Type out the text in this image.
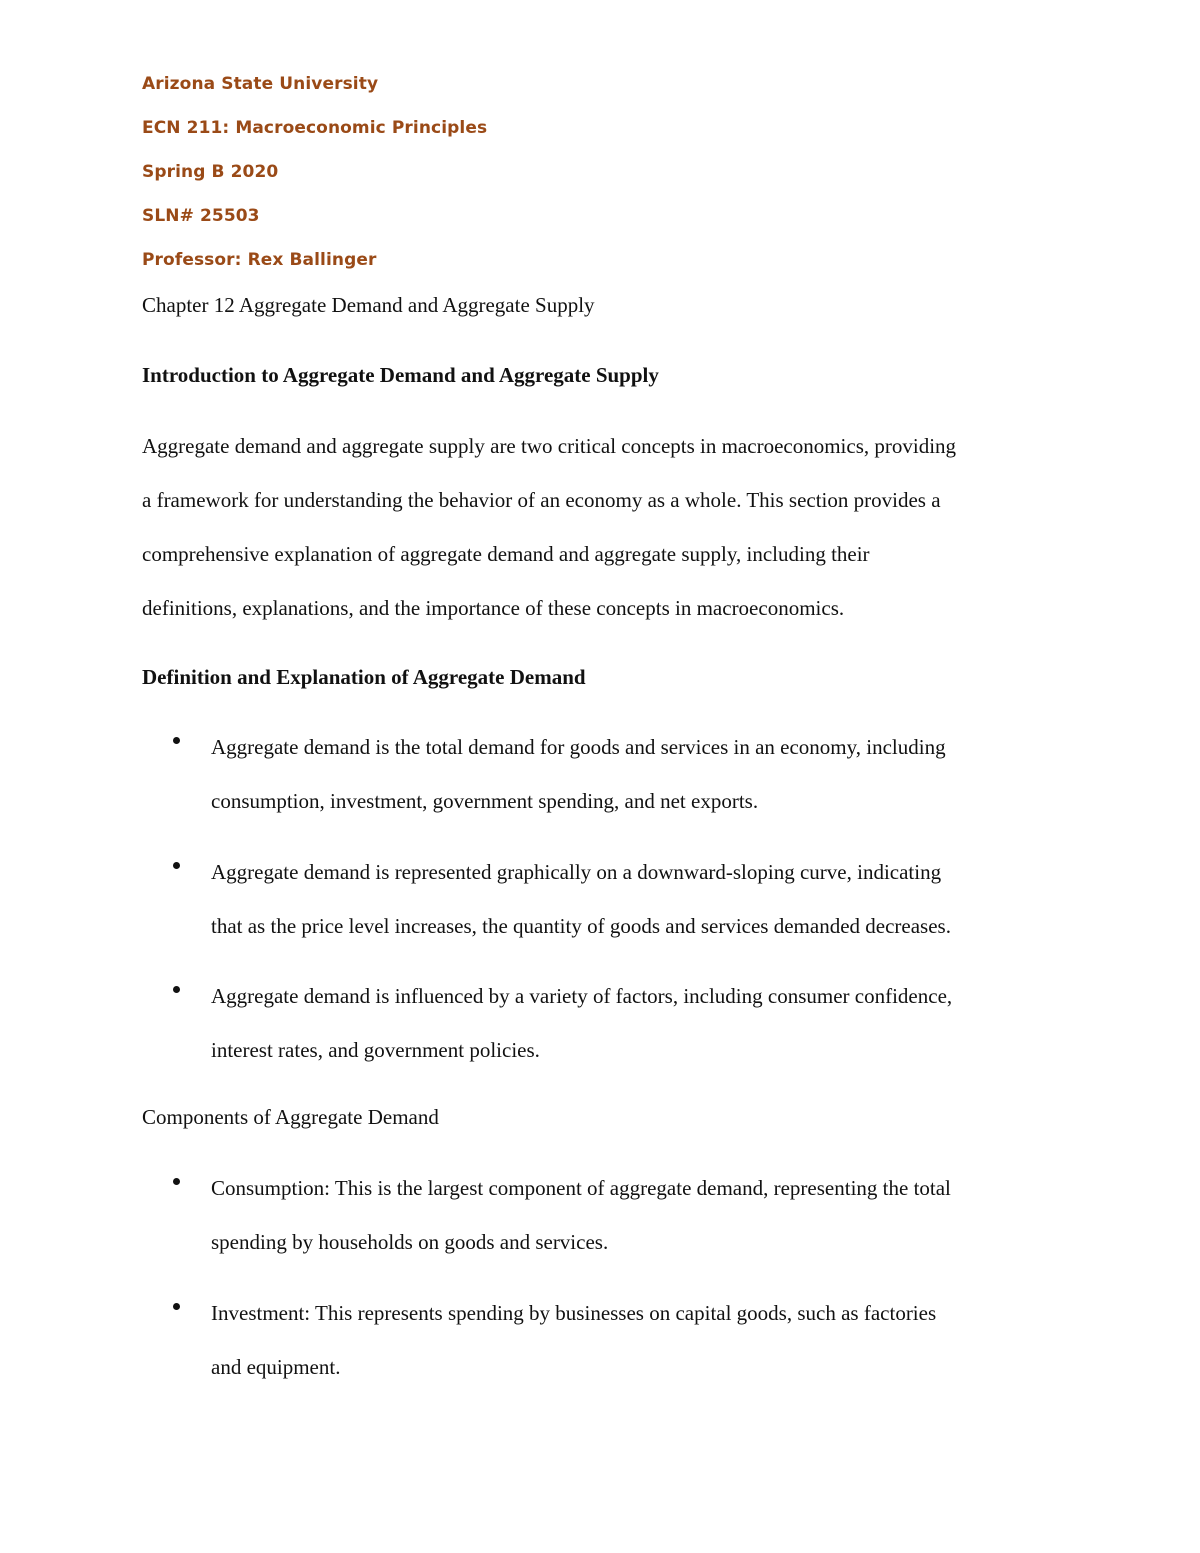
Arizona State University
ECN 211: Macroeconomic Principles
Spring B 2020
SLN# 25503
Professor: Rex Ballinger
Chapter 12 Aggregate Demand and Aggregate Supply
Introduction to Aggregate Demand and Aggregate Supply
Aggregate demand and aggregate supply are two critical concepts in macroeconomics, providing
a framework for understanding the behavior of an economy as a whole. This section provides a
comprehensive explanation of aggregate demand and aggregate supply, including their
definitions, explanations, and the importance of these concepts in macroeconomics.
Definition and Explanation of Aggregate Demand
Aggregate demand is the total demand for goods and services in an economy, including
consumption, investment, government spending, and net exports.
Aggregate demand is represented graphically on a downward-sloping curve, indicating
that as the price level increases, the quantity of goods and services demanded decreases.
Aggregate demand is influenced by a variety of factors, including consumer confidence,
interest rates, and government policies.
Components of Aggregate Demand
Consumption: This is the largest component of aggregate demand, representing the total
spending by households on goods and services.
Investment: This represents spending by businesses on capital goods, such as factories
and equipment.
